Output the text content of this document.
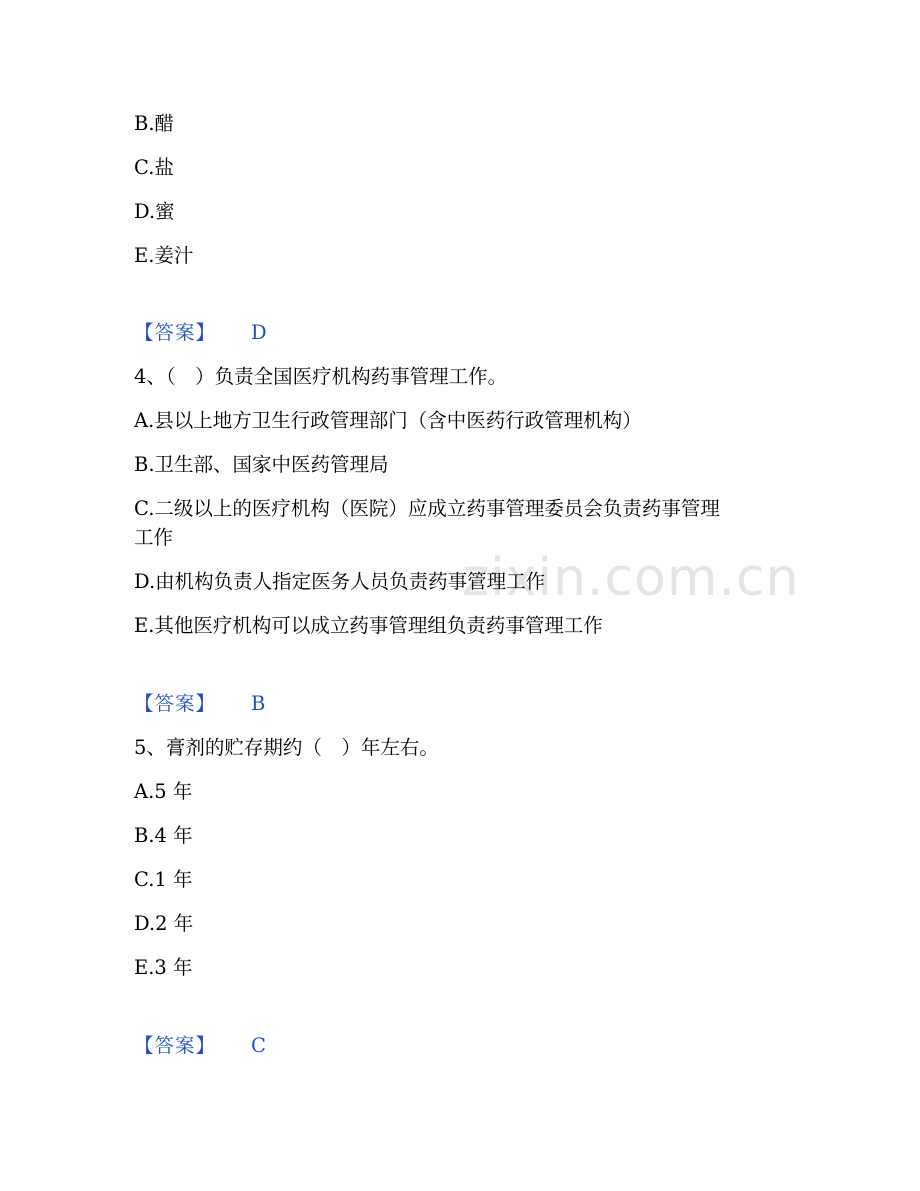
zixin.com.cn
B.醋
C.盐
D.蜜
E.姜汁
【答案】 D
4、（　）负责全国医疗机构药事管理工作。
A.县以上地方卫生行政管理部门（含中医药行政管理机构）
B.卫生部、国家中医药管理局
C.二级以上的医疗机构（医院）应成立药事管理委员会负责药事管理
工作
D.由机构负责人指定医务人员负责药事管理工作
E.其他医疗机构可以成立药事管理组负责药事管理工作
【答案】 B
5、膏剂的贮存期约（　）年左右。
A.5 年
B.4 年
C.1 年
D.2 年
E.3 年
【答案】 C
